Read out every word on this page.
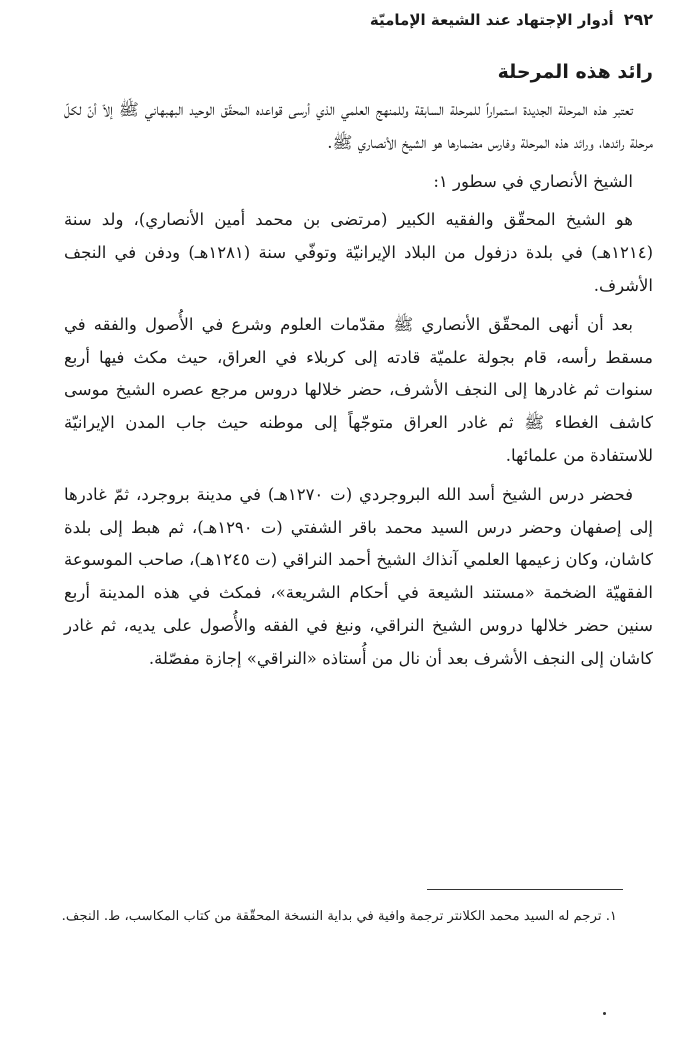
٢٩٢
أدوار الإجتهاد عند الشيعة الإماميّة
رائد هذه المرحلة

تعتبر هذه المرحلة الجديدة استمراراً للمرحلة السابقة وللمنهج العلمي الذي أرسى قواعده المحقّق الوحيد البهبهاني ﷺ إلاّ أنّ لكلّ مرحلة رائدها، ورائد هذه المرحلة وفارس مضمارها هو الشيخ الأنصاري ﷺ.

الشيخ الأنصاري في سطور ١:

هو الشيخ المحقّق والفقيه الكبير (مرتضى بن محمد أمين الأنصاري)، ولد سنة (١٢١٤هـ) في بلدة دزفول من البلاد الإيرانيّة وتوفّي سنة (١٢٨١هـ) ودفن في النجف الأشرف.

بعد أن أنهى المحقّق الأنصاري ﷺ مقدّمات العلوم وشرع في الأُصول والفقه في مسقط رأسه، قام بجولة علميّة قادته إلى كربلاء في العراق، حيث مكث فيها أربع سنوات ثم غادرها إلى النجف الأشرف، حضر خلالها دروس مرجع عصره الشيخ موسى كاشف الغطاء ﷺ ثم غادر العراق متوجّهاً إلى موطنه حيث جاب المدن الإيرانيّة للاستفادة من علمائها.

فحضر درس الشيخ أسد الله البروجردي (ت ١٢٧٠هـ) في مدينة بروجرد، ثمّ غادرها إلى إصفهان وحضر درس السيد محمد باقر الشفتي (ت ١٢٩٠هـ)، ثم هبط إلى بلدة كاشان، وكان زعيمها العلمي آنذاك الشيخ أحمد النراقي (ت ١٢٤٥هـ)، صاحب الموسوعة الفقهيّة الضخمة «مستند الشيعة في أحكام الشريعة»، فمكث في هذه المدينة أربع سنين حضر خلالها دروس الشيخ النراقي، ونبغ في الفقه والأُصول على يديه، ثم غادر كاشان إلى النجف الأشرف بعد أن نال من أُستاذه «النراقي» إجازة مفصّلة.

١. ترجم له السيد محمد الكلانتر ترجمة وافية في بداية النسخة المحقّقة من كتاب المكاسب، ط. النجف.
